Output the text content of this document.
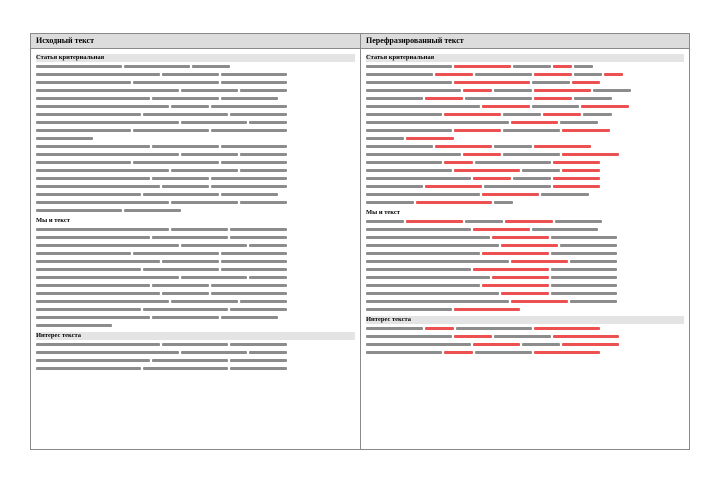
Исходный текст
Статья критериальная
Мы и текст
Интерес текста
Перефразированный текст
Статья критериальная
Мы и текст
Интерес текста
